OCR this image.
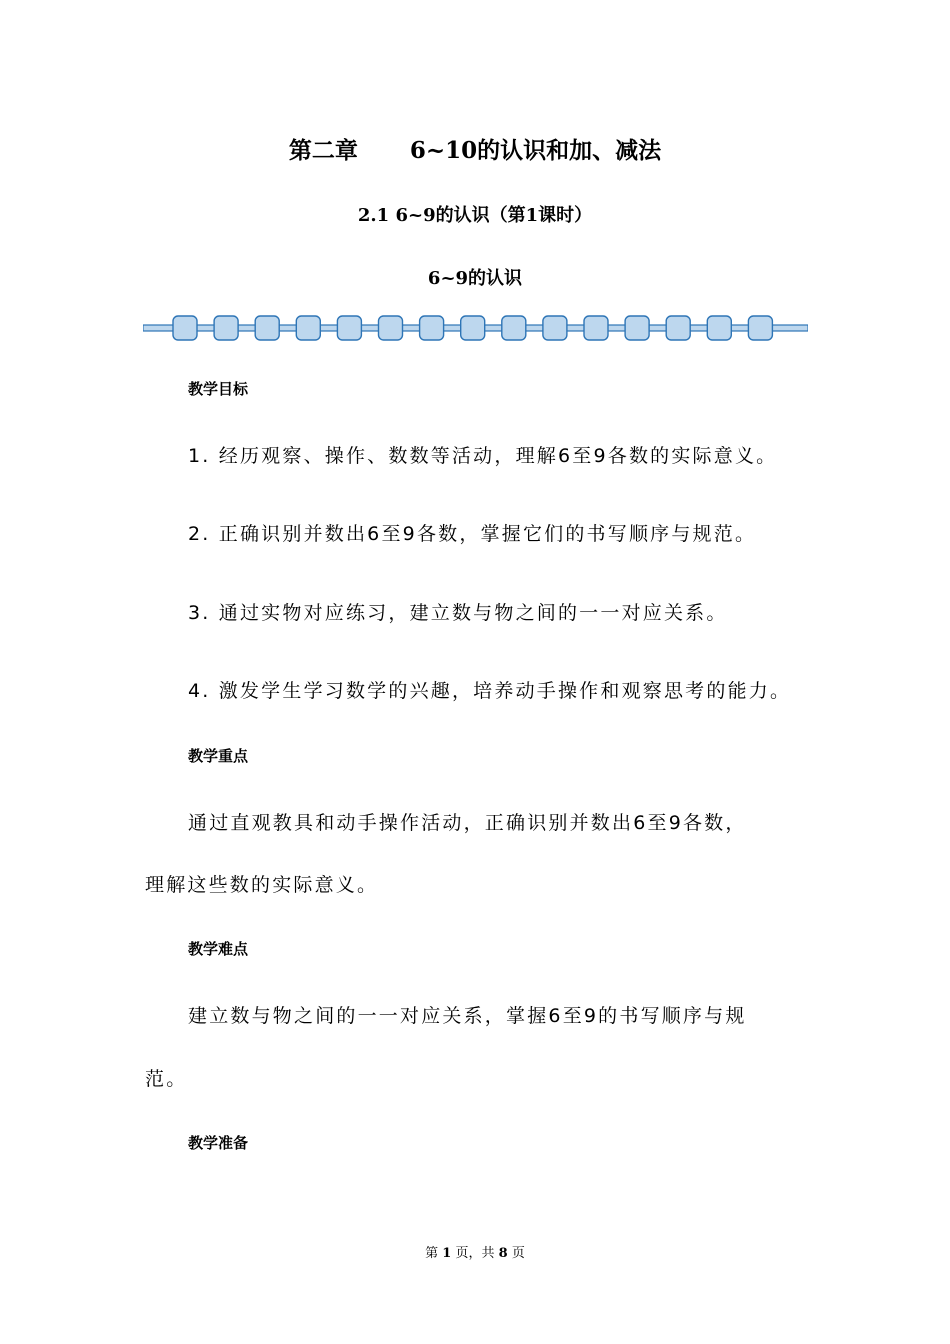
第二章 6~10的认识和加、减法
2.1 6~9的认识（第1课时）
6~9的认识
教学目标
1. 经历观察、操作、数数等活动，理解6至9各数的实际意义。
2. 正确识别并数出6至9各数，掌握它们的书写顺序与规范。
3. 通过实物对应练习，建立数与物之间的一一对应关系。
4. 激发学生学习数学的兴趣，培养动手操作和观察思考的能力。
教学重点
通过直观教具和动手操作活动，正确识别并数出6至9各数，
理解这些数的实际意义。
教学难点
建立数与物之间的一一对应关系，掌握6至9的书写顺序与规
范。
教学准备
第 1 页，共 8 页
